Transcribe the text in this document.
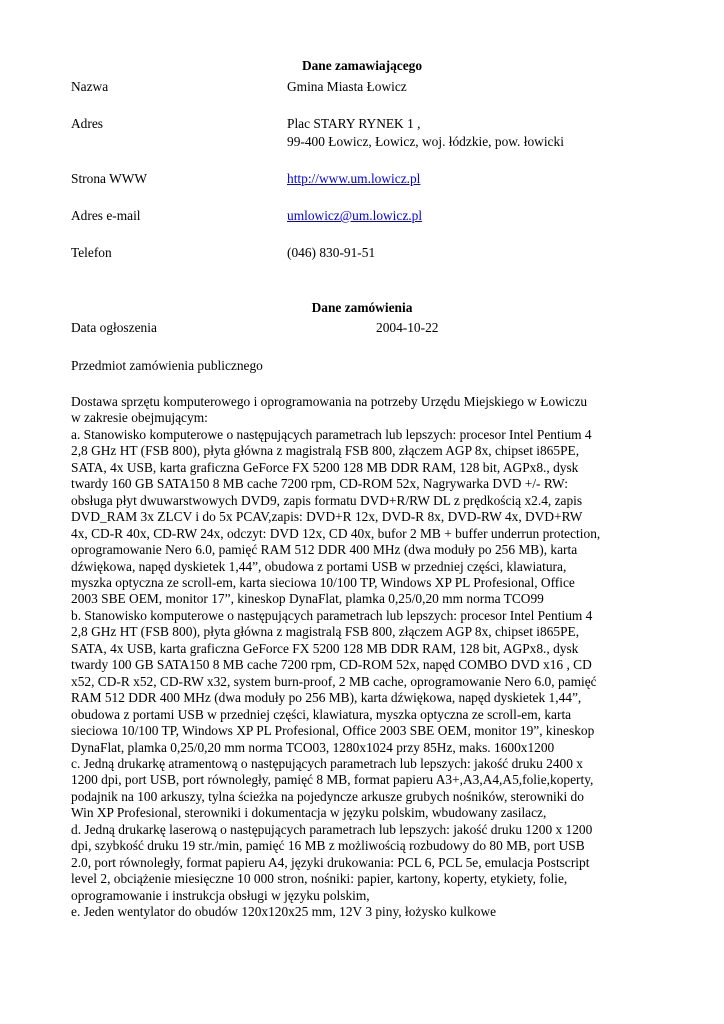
Dane zamawiającego
Nazwa	Gmina Miasta Łowicz
Adres	Plac STARY RYNEK 1 ,
99-400 Łowicz, Łowicz, woj. łódzkie, pow. łowicki
Strona WWW	http://www.um.lowicz.pl
Adres e-mail	umlowicz@um.lowicz.pl
Telefon	(046) 830-91-51
Dane zamówienia
Data ogłoszenia	2004-10-22
Przedmiot zamówienia publicznego
Dostawa sprzętu komputerowego i oprogramowania na potrzeby Urzędu Miejskiego w Łowiczu
w zakresie obejmującym:
a. Stanowisko komputerowe o następujących parametrach lub lepszych: procesor Intel Pentium 4
2,8 GHz HT (FSB 800), płyta główna z magistralą FSB 800, złączem AGP 8x, chipset i865PE,
SATA, 4x USB, karta graficzna GeForce FX 5200 128 MB DDR RAM, 128 bit, AGPx8., dysk
twardy 160 GB SATA150 8 MB cache 7200 rpm, CD-ROM 52x, Nagrywarka DVD +/- RW:
obsługa płyt dwuwarstwowych DVD9, zapis formatu DVD+R/RW DL z prędkością x2.4, zapis
DVD_RAM 3x ZLCV i do 5x PCAV,zapis: DVD+R 12x, DVD-R 8x, DVD-RW 4x, DVD+RW
4x, CD-R 40x, CD-RW 24x, odczyt: DVD 12x, CD 40x, bufor 2 MB + buffer underrun protection,
oprogramowanie Nero 6.0, pamięć RAM 512 DDR 400 MHz (dwa moduły po 256 MB), karta
dźwiękowa, napęd dyskietek 1,44”, obudowa z portami USB w przedniej części, klawiatura,
myszka optyczna ze scroll-em, karta sieciowa 10/100 TP, Windows XP PL Profesional, Office
2003 SBE OEM, monitor 17”, kineskop DynaFlat, plamka 0,25/0,20 mm norma TCO99
b. Stanowisko komputerowe o następujących parametrach lub lepszych: procesor Intel Pentium 4
2,8 GHz HT (FSB 800), płyta główna z magistralą FSB 800, złączem AGP 8x, chipset i865PE,
SATA, 4x USB, karta graficzna GeForce FX 5200 128 MB DDR RAM, 128 bit, AGPx8., dysk
twardy 100 GB SATA150 8 MB cache 7200 rpm, CD-ROM 52x, napęd COMBO DVD x16 , CD
x52, CD-R x52, CD-RW x32, system burn-proof, 2 MB cache, oprogramowanie Nero 6.0, pamięć
RAM 512 DDR 400 MHz (dwa moduły po 256 MB), karta dźwiękowa, napęd dyskietek 1,44”,
obudowa z portami USB w przedniej części, klawiatura, myszka optyczna ze scroll-em, karta
sieciowa 10/100 TP, Windows XP PL Profesional, Office 2003 SBE OEM, monitor 19”, kineskop
DynaFlat, plamka 0,25/0,20 mm norma TCO03, 1280x1024 przy 85Hz, maks. 1600x1200
c. Jedną drukarkę atramentową o następujących parametrach lub lepszych: jakość druku 2400 x
1200 dpi, port USB, port równoległy, pamięć 8 MB, format papieru A3+,A3,A4,A5,folie,koperty,
podajnik na 100 arkuszy, tylna ścieżka na pojedyncze arkusze grubych nośników, sterowniki do
Win XP Profesional, sterowniki i dokumentacja w języku polskim, wbudowany zasilacz,
d. Jedną drukarkę laserową o następujących parametrach lub lepszych: jakość druku 1200 x 1200
dpi, szybkość druku 19 str./min, pamięć 16 MB z możliwością rozbudowy do 80 MB, port USB
2.0, port równoległy, format papieru A4, języki drukowania: PCL 6, PCL 5e, emulacja Postscript
level 2, obciążenie miesięczne 10 000 stron, nośniki: papier, kartony, koperty, etykiety, folie,
oprogramowanie i instrukcja obsługi w języku polskim,
e. Jeden wentylator do obudów 120x120x25 mm, 12V 3 piny, łożysko kulkowe
